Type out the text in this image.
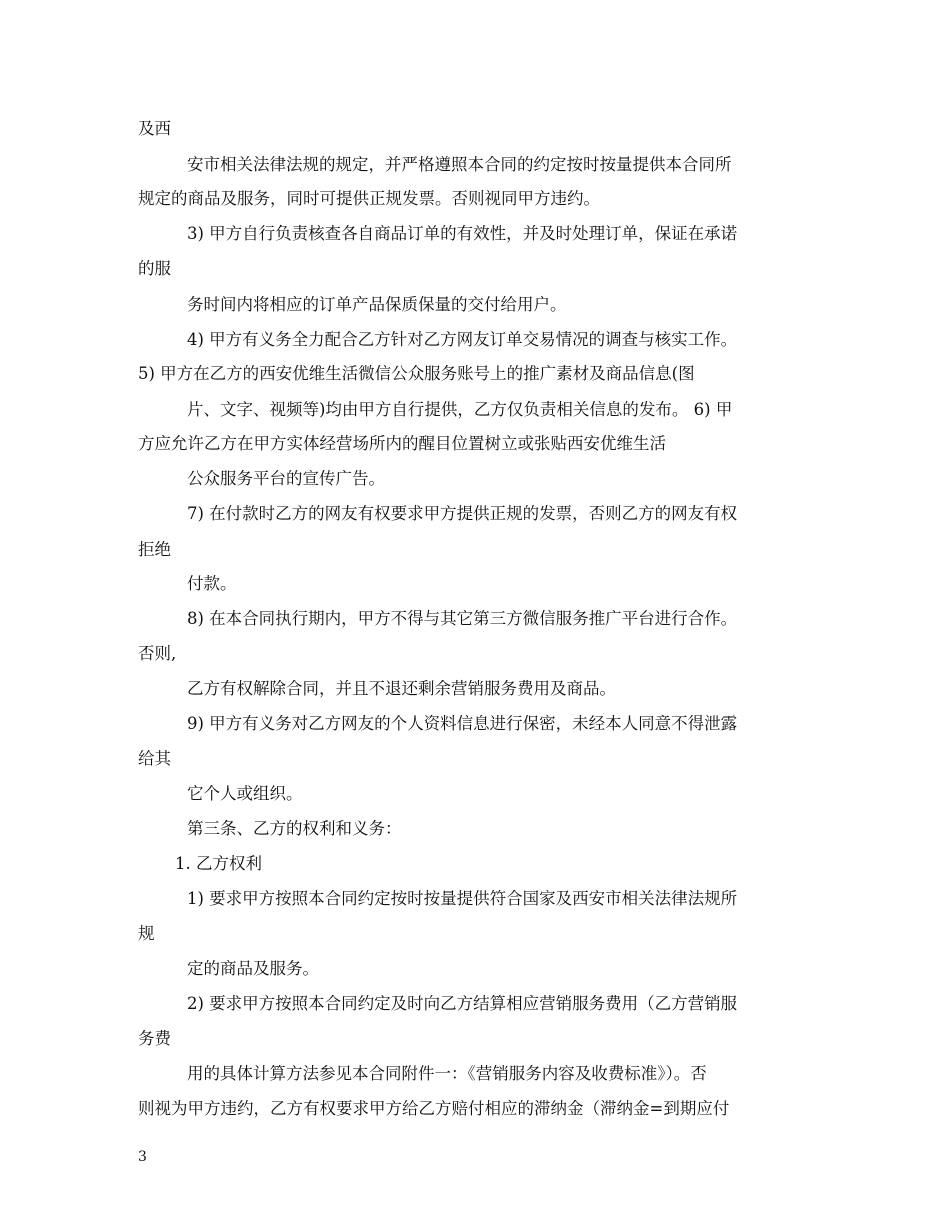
及西
安市相关法律法规的规定，并严格遵照本合同的约定按时按量提供本合同所
规定的商品及服务，同时可提供正规发票。否则视同甲方违约。
3) 甲方自行负责核查各自商品订单的有效性，并及时处理订单，保证在承诺
的服
务时间内将相应的订单产品保质保量的交付给用户。
4) 甲方有义务全力配合乙方针对乙方网友订单交易情况的调查与核实工作。
5) 甲方在乙方的西安优维生活微信公众服务账号上的推广素材及商品信息(图
片、文字、视频等)均由甲方自行提供，乙方仅负责相关信息的发布。 6) 甲
方应允许乙方在甲方实体经营场所内的醒目位置树立或张贴西安优维生活
公众服务平台的宣传广告。
7) 在付款时乙方的网友有权要求甲方提供正规的发票，否则乙方的网友有权
拒绝
付款。
8) 在本合同执行期内，甲方不得与其它第三方微信服务推广平台进行合作。
否则,
乙方有权解除合同，并且不退还剩余营销服务费用及商品。
9) 甲方有义务对乙方网友的个人资料信息进行保密，未经本人同意不得泄露
给其
它个人或组织。
第三条、乙方的权利和义务：
1. 乙方权利
1) 要求甲方按照本合同约定按时按量提供符合国家及西安市相关法律法规所
规
定的商品及服务。
2) 要求甲方按照本合同约定及时向乙方结算相应营销服务费用（乙方营销服
务费
用的具体计算方法参见本合同附件一：《营销服务内容及收费标准》）。否
则视为甲方违约，乙方有权要求甲方给乙方赔付相应的滞纳金（滞纳金=到期应付
3
